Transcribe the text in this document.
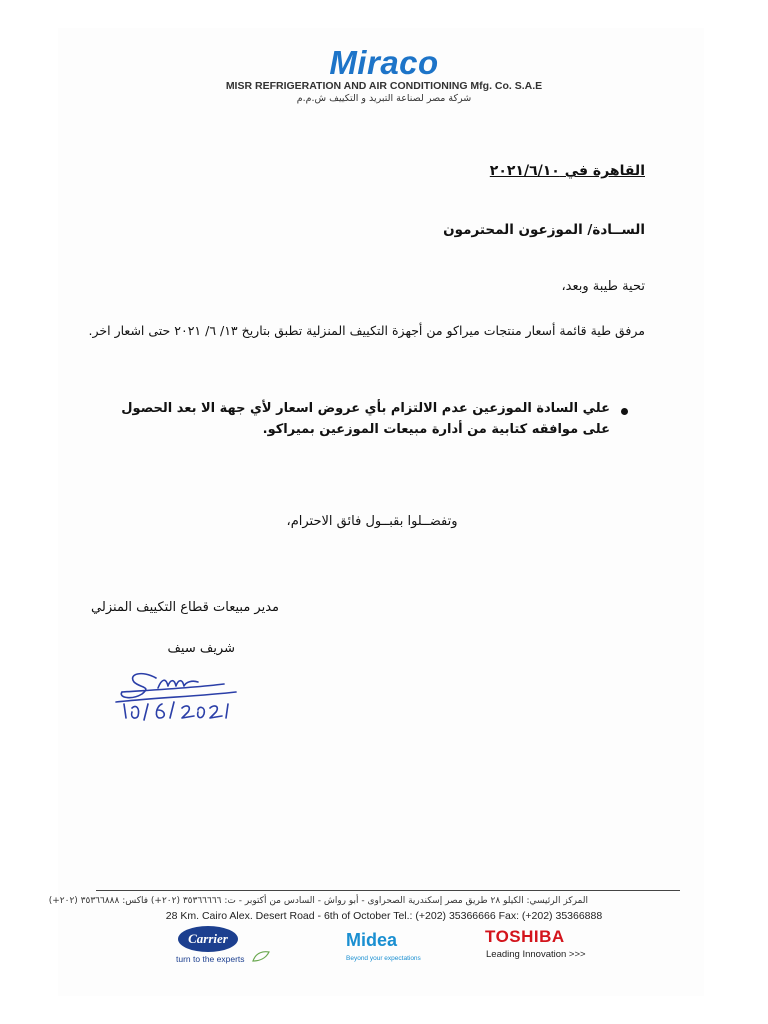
Miraco
MISR REFRIGERATION AND AIR CONDITIONING Mfg. Co. S.A.E
شركة مصر لصناعة التبريد و التكييف ش.م.م
القاهرة في ٢٠٢١/٦/١٠
الســادة/ الموزعون المحترمون
تحية طيبة وبعد،
مرفق طية قائمة أسعار منتجات ميراكو من أجهزة التكييف المنزلية تطبق بتاريخ ١٣/ ٦/ ٢٠٢١ حتى اشعار اخر.
علي السادة الموزعين عدم الالتزام بأي عروض اسعار لأي جهة الا بعد الحصول على موافقه كتابية من أدارة مبيعات الموزعين بميراكو.
وتفضــلوا بقبــول فائق الاحترام،
مدير مبيعات قطاع التكييف المنزلي
شريف سيف
المركز الرئيسي: الكيلو ٢٨ طريق مصر إسكندرية الصحراوى - أبو رواش - السادس من أكتوبر - ت: ٣٥٣٦٦٦٦٦ (٢٠٢+) فاكس: ٣٥٣٦٦٨٨٨ (٢٠٢+)
28 Km. Cairo Alex. Desert Road - 6th of October Tel.: (+202) 35366666 Fax: (+202) 35366888
Carrier
turn to the experts
Midea
Beyond your expectations
TOSHIBA
Leading Innovation >>>
